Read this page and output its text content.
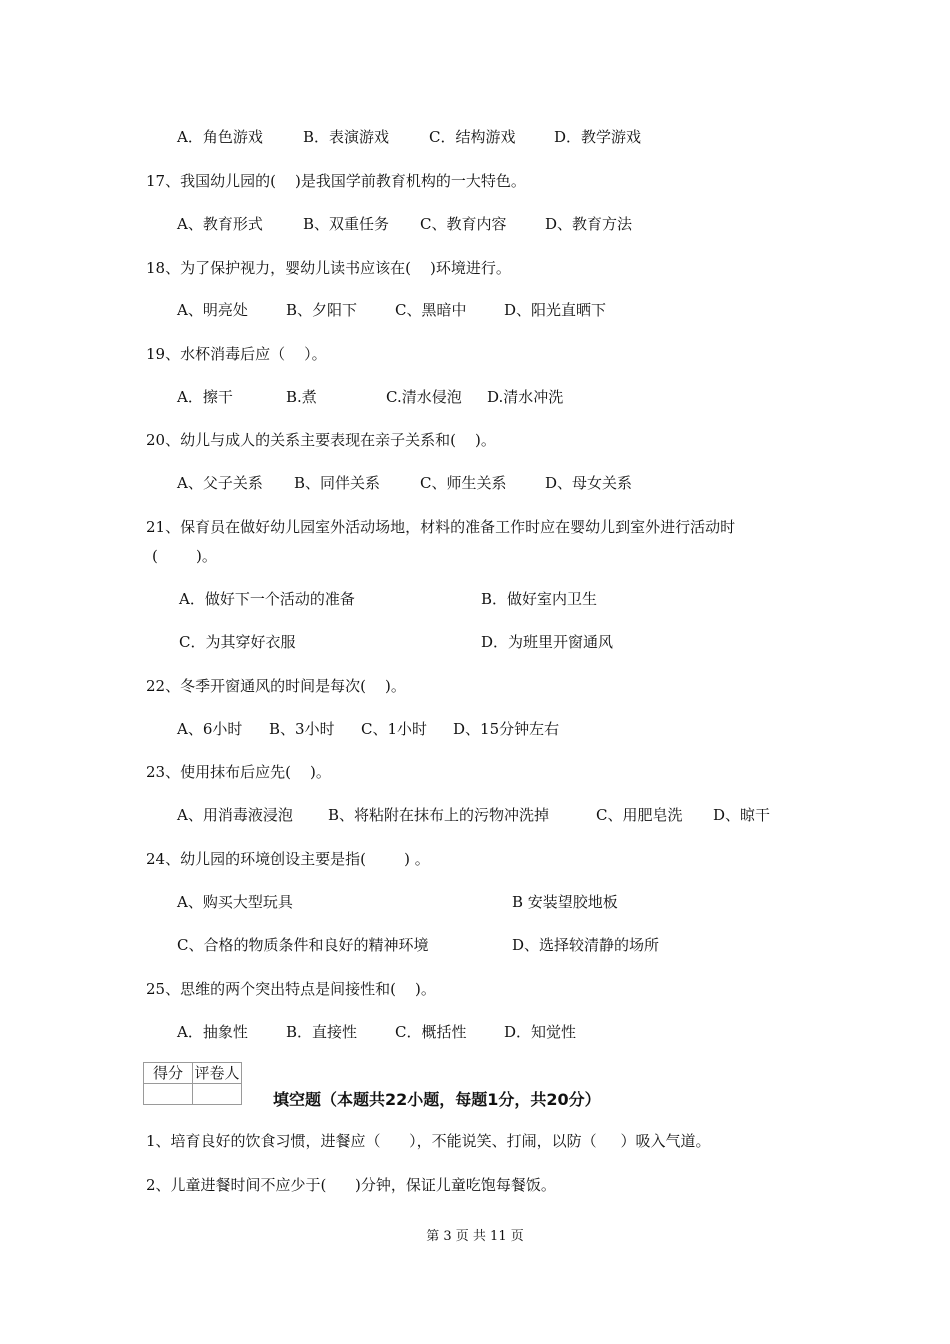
A．角色游戏	B．表演游戏	C．结构游戏	D．教学游戏
17、我国幼儿园的(    )是我国学前教育机构的一大特色。
A、教育形式	B、双重任务 C、教育内容	D、教育方法
18、为了保护视力，婴幼儿读书应该在(    )环境进行。
A、明亮处	B、夕阳下	C、黑暗中	D、阳光直晒下
19、水杯消毒后应（    ）。
A．擦干	B.煮	C.清水侵泡 D.清水冲洗
20、幼儿与成人的关系主要表现在亲子关系和(    )。
A、父子关系 B、同伴关系	C、师生关系	D、母女关系
21、保育员在做好幼儿园室外活动场地，材料的准备工作时应在婴幼儿到室外进行活动时
(        )。
A．做好下一个活动的准备	B．做好室内卫生
C．为其穿好衣服	D．为班里开窗通风
22、冬季开窗通风的时间是每次(    )。
A、6小时 B、3小时 C、1小时 D、15分钟左右
23、使用抹布后应先(    )。
A、用消毒液浸泡 B、将粘附在抹布上的污物冲洗掉	C、用肥皂洗 D、晾干
24、幼儿园的环境创设主要是指(        ) 。
A、购买大型玩具	B 安装望胶地板
C、合格的物质条件和良好的精神环境	D、选择较清静的场所
25、思维的两个突出特点是间接性和(    )。
A．抽象性	B．直接性	C．概括性	D．知觉性
得分	评卷人

填空题（本题共22小题，每题1分，共20分）
1、培育良好的饮食习惯，进餐应（      ），不能说笑、打闹，以防（     ）吸入气道。
2、儿童进餐时间不应少于(      )分钟，保证儿童吃饱每餐饭。
第 3 页 共 11 页
